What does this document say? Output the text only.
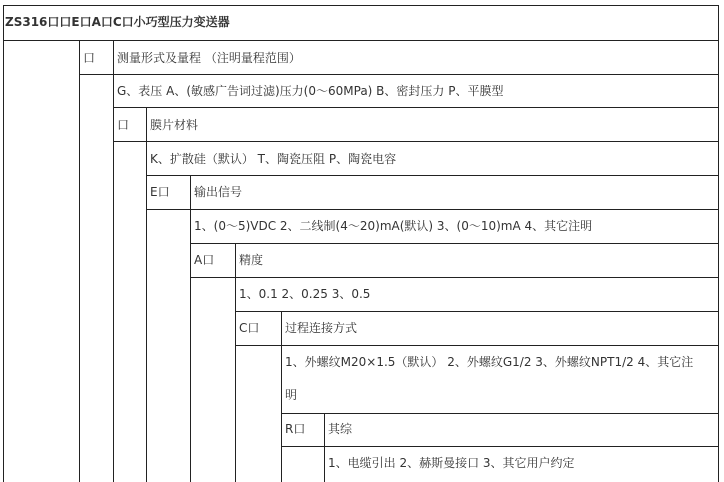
ZS316口口E口A口C口小巧型压力变送器
口 测量形式及量程 （注明量程范围）
G、表压 A、(敏感广告词过滤)压力(0～60MPa) B、密封压力 P、平膜型
口 膜片材料
K、扩散硅（默认） T、陶瓷压阻 P、陶瓷电容
E口 输出信号
1、(0～5)VDC 2、二线制(4～20)mA(默认) 3、(0～10)mA 4、其它注明
A口 精度
1、0.1 2、0.25 3、0.5
C口 过程连接方式
1、外螺纹M20×1.5（默认） 2、外螺纹G1/2 3、外螺纹NPT1/2 4、其它注
明
R口 其综
1、电缆引出 2、赫斯曼接口 3、其它用户约定
